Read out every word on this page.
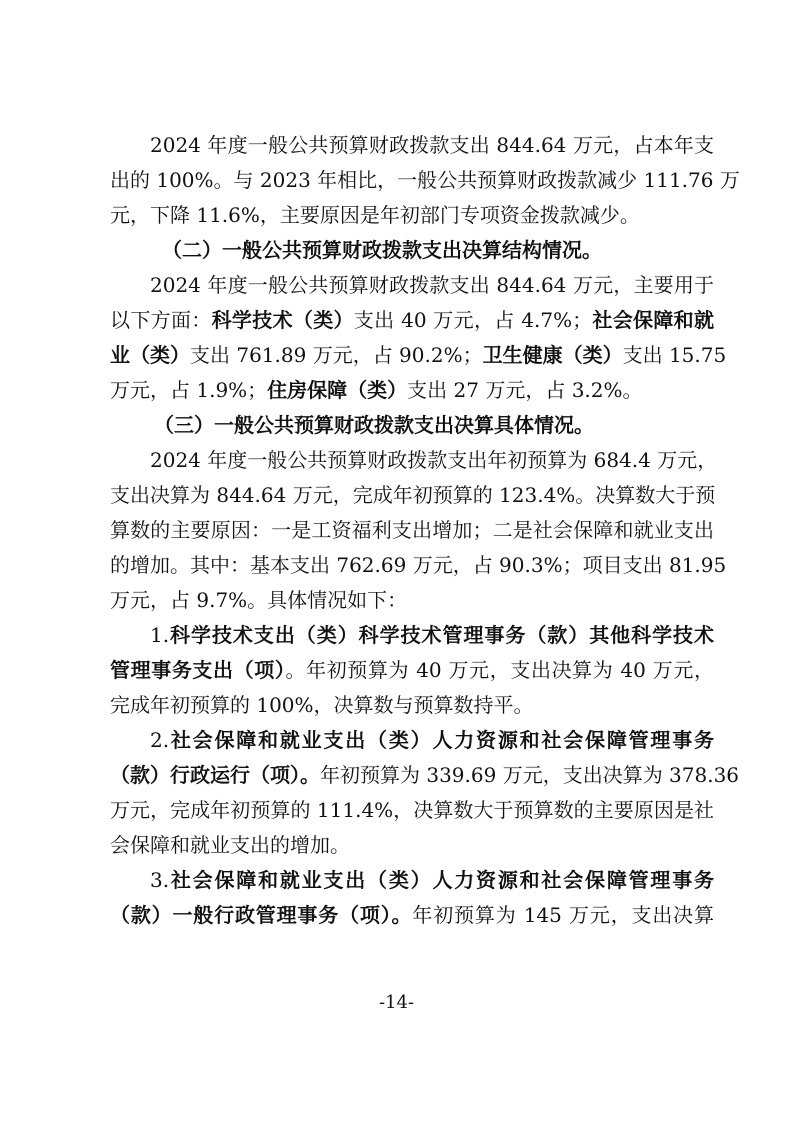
2024 年度一般公共预算财政拨款支出 844.64 万元，占本年支
出的 100%。与 2023 年相比，一般公共预算财政拨款减少 111.76 万
元，下降 11.6%，主要原因是年初部门专项资金拨款减少。
（二）一般公共预算财政拨款支出决算结构情况。
2024 年度一般公共预算财政拨款支出 844.64 万元，主要用于
以下方面：科学技术（类）支出 40 万元，占 4.7%；社会保障和就
业（类）支出 761.89 万元，占 90.2%；卫生健康（类）支出 15.75
万元，占 1.9%；住房保障（类）支出 27 万元，占 3.2%。
（三）一般公共预算财政拨款支出决算具体情况。
2024 年度一般公共预算财政拨款支出年初预算为 684.4 万元，
支出决算为 844.64 万元，完成年初预算的 123.4%。决算数大于预
算数的主要原因：一是工资福利支出增加；二是社会保障和就业支出
的增加。其中：基本支出 762.69 万元，占 90.3%；项目支出 81.95
万元，占 9.7%。具体情况如下：
1.科学技术支出（类）科学技术管理事务（款）其他科学技术
管理事务支出（项）。年初预算为 40 万元，支出决算为 40 万元，
完成年初预算的 100%，决算数与预算数持平。
2.社会保障和就业支出（类）人力资源和社会保障管理事务
（款）行政运行（项）。年初预算为 339.69 万元，支出决算为 378.36
万元，完成年初预算的 111.4%，决算数大于预算数的主要原因是社
会保障和就业支出的增加。
3.社会保障和就业支出（类）人力资源和社会保障管理事务
（款）一般行政管理事务（项）。年初预算为 145 万元，支出决算
-14-
